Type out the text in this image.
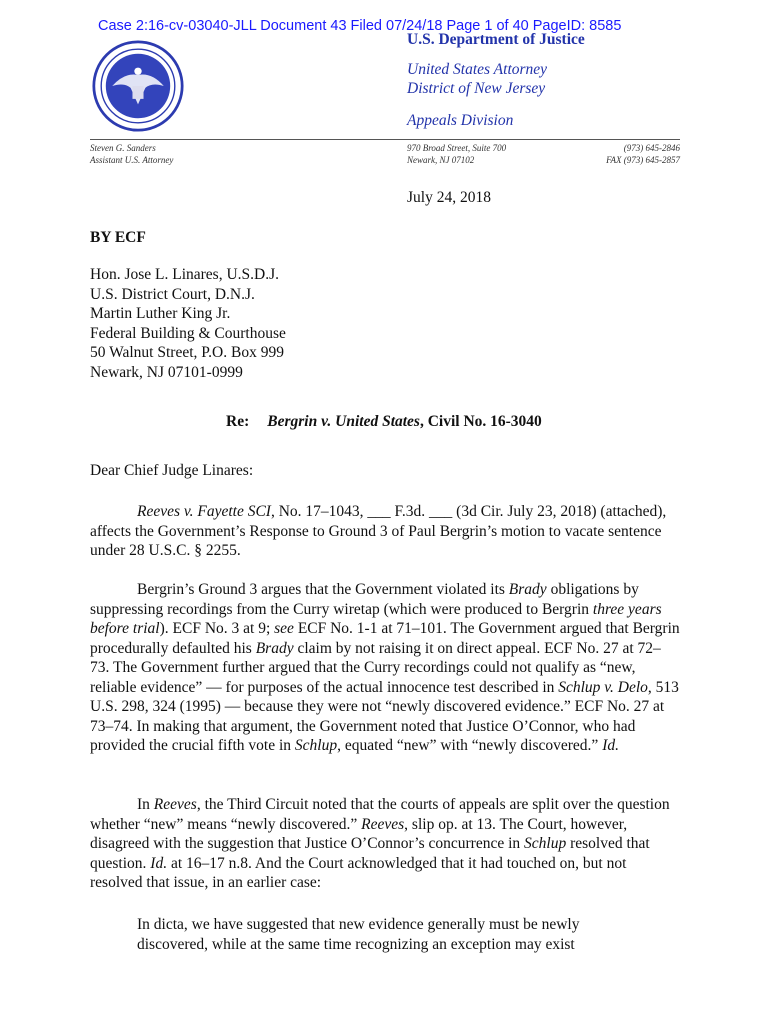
Case 2:16-cv-03040-JLL Document 43 Filed 07/24/18 Page 1 of 40 PageID: 8585
U.S. Department of Justice
United States Attorney
District of New Jersey
Appeals Division
Steven G. Sanders
Assistant U.S. Attorney
970 Broad Street, Suite 700
Newark, NJ 07102
(973) 645-2846
FAX (973) 645-2857
July 24, 2018
BY ECF
Hon. Jose L. Linares, U.S.D.J.
U.S. District Court, D.N.J.
Martin Luther King Jr.
Federal Building & Courthouse
50 Walnut Street, P.O. Box 999
Newark, NJ 07101-0999
Re: Bergrin v. United States, Civil No. 16-3040
Dear Chief Judge Linares:

Reeves v. Fayette SCI, No. 17–1043, ___ F.3d. ___ (3d Cir. July 23, 2018) (attached), affects the Government’s Response to Ground 3 of Paul Bergrin’s motion to vacate sentence under 28 U.S.C. § 2255.

Bergrin’s Ground 3 argues that the Government violated its Brady obligations by suppressing recordings from the Curry wiretap (which were produced to Bergrin three years before trial). ECF No. 3 at 9; see ECF No. 1-1 at 71–101. The Government argued that Bergrin procedurally defaulted his Brady claim by not raising it on direct appeal. ECF No. 27 at 72–73. The Government further argued that the Curry recordings could not qualify as “new, reliable evidence” — for purposes of the actual innocence test described in Schlup v. Delo, 513 U.S. 298, 324 (1995) — because they were not “newly discovered evidence.” ECF No. 27 at 73–74. In making that argument, the Government noted that Justice O’Connor, who had provided the crucial fifth vote in Schlup, equated “new” with “newly discovered.” Id.

In Reeves, the Third Circuit noted that the courts of appeals are split over the question whether “new” means “newly discovered.” Reeves, slip op. at 13. The Court, however, disagreed with the suggestion that Justice O’Connor’s concurrence in Schlup resolved that question. Id. at 16–17 n.8. And the Court acknowledged that it had touched on, but not resolved that issue, in an earlier case:

In dicta, we have suggested that new evidence generally must be newly discovered, while at the same time recognizing an exception may exist
